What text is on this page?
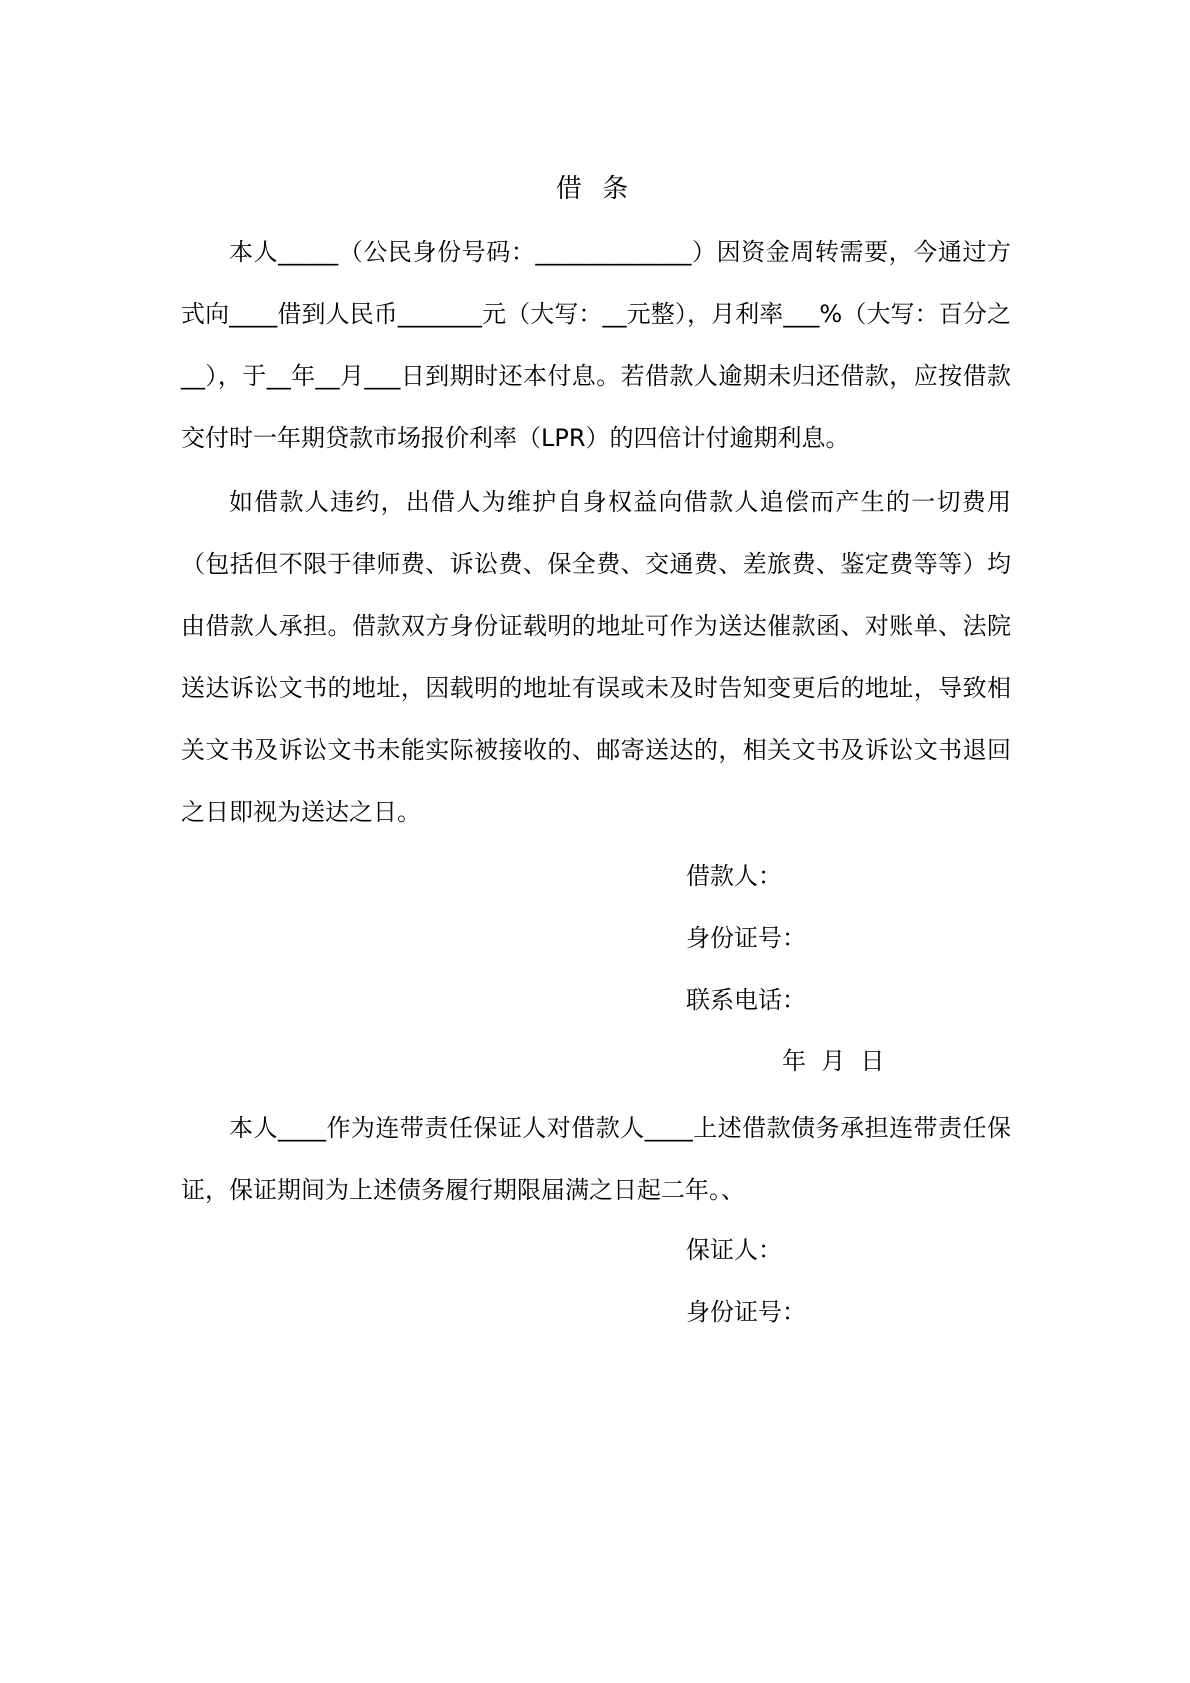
借 条

本人_____（公民身份号码：_____________）因资金周转需要，今通过方式向____借到人民币_______元（大写：__元整），月利率___%（大写：百分之__），于__年__月___日到期时还本付息。若借款人逾期未归还借款，应按借款交付时一年期贷款市场报价利率（LPR）的四倍计付逾期利息。

如借款人违约，出借人为维护自身权益向借款人追偿而产生的一切费用（包括但不限于律师费、诉讼费、保全费、交通费、差旅费、鉴定费等等）均由借款人承担。借款双方身份证载明的地址可作为送达催款函、对账单、法院送达诉讼文书的地址，因载明的地址有误或未及时告知变更后的地址，导致相关文书及诉讼文书未能实际被接收的、邮寄送达的，相关文书及诉讼文书退回之日即视为送达之日。

借款人：
身份证号：
联系电话：
年  月  日

本人____作为连带责任保证人对借款人____上述借款债务承担连带责任保证，保证期间为上述债务履行期限届满之日起二年。、

保证人：
身份证号：
